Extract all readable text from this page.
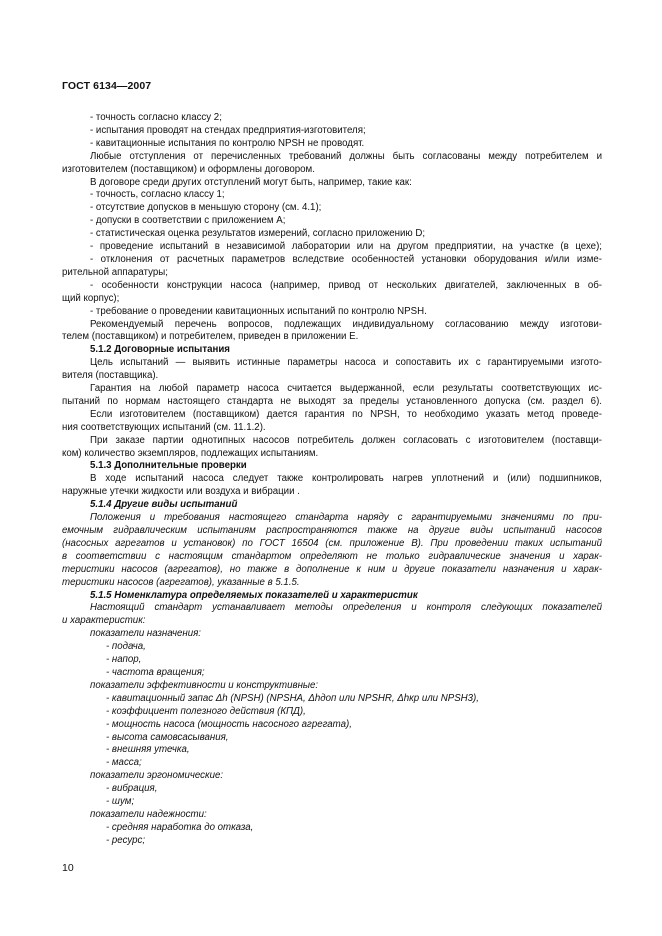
ГОСТ 6134—2007
- точность согласно классу 2;
- испытания проводят на стендах предприятия-изготовителя;
- кавитационные испытания по контролю NPSH не проводят.
Любые отступления от перечисленных требований должны быть согласованы между потребителем и
изготовителем (поставщиком) и оформлены договором.
В договоре среди других отступлений могут быть, например, такие как:
- точность, согласно классу 1;
- отсутствие допусков в меньшую сторону (см. 4.1);
- допуски в соответствии с приложением А;
- статистическая оценка результатов измерений, согласно приложению D;
- проведение испытаний в независимой лаборатории или на другом предприятии, на участке (в цехе);
- отклонения от расчетных параметров вследствие особенностей установки оборудования и/или изме-
рительной аппаратуры;
- особенности конструкции насоса (например, привод от нескольких двигателей, заключенных в об-
щий корпус);
- требование о проведении кавитационных испытаний по контролю NPSH.
Рекомендуемый перечень вопросов, подлежащих индивидуальному согласованию между изготови-
телем (поставщиком) и потребителем, приведен в приложении Е.
5.1.2 Договорные испытания
Цель испытаний — выявить истинные параметры насоса и сопоставить их с гарантируемыми изгото-
вителя (поставщика).
Гарантия на любой параметр насоса считается выдержанной, если результаты соответствующих ис-
пытаний по нормам настоящего стандарта не выходят за пределы установленного допуска (см. раздел 6).
Если изготовителем (поставщиком) дается гарантия по NPSH, то необходимо указать метод проведе-
ния соответствующих испытаний (см. 11.1.2).
При заказе партии однотипных насосов потребитель должен согласовать с изготовителем (поставщи-
ком) количество экземпляров, подлежащих испытаниям.
5.1.3 Дополнительные проверки
В ходе испытаний насоса следует также контролировать нагрев уплотнений и (или) подшипников,
наружные утечки жидкости или воздуха и вибрации .
5.1.4 Другие виды испытаний
Положения и требования настоящего стандарта наряду с гарантируемыми значениями по при-
емочным гидравлическим испытаниям распространяются также на другие виды испытаний насосов
(насосных агрегатов и установок) по ГОСТ 16504 (см. приложение В). При проведении таких испытаний
в соответствии с настоящим стандартом определяют не только гидравлические значения и харак-
теристики насосов (агрегатов), но также в дополнение к ним и другие показатели назначения и харак-
теристики насосов (агрегатов), указанные в 5.1.5.
5.1.5 Номенклатура определяемых показателей и характеристик
Настоящий стандарт устанавливает методы определения и контроля следующих показателей
и характеристик:
показатели назначения:
- подача,
- напор,
- частота вращения;
показатели эффективности и конструктивные:
- кавитационный запас Δh (NPSH) (NPSHA, Δhдоп или NPSHR, Δhкр или NPSH3),
- коэффициент полезного действия (КПД),
- мощность насоса (мощность насосного агрегата),
- высота самовсасывания,
- внешняя утечка,
- масса;
показатели эргономические:
- вибрация,
- шум;
показатели надежности:
- средняя наработка до отказа,
- ресурс;
10
